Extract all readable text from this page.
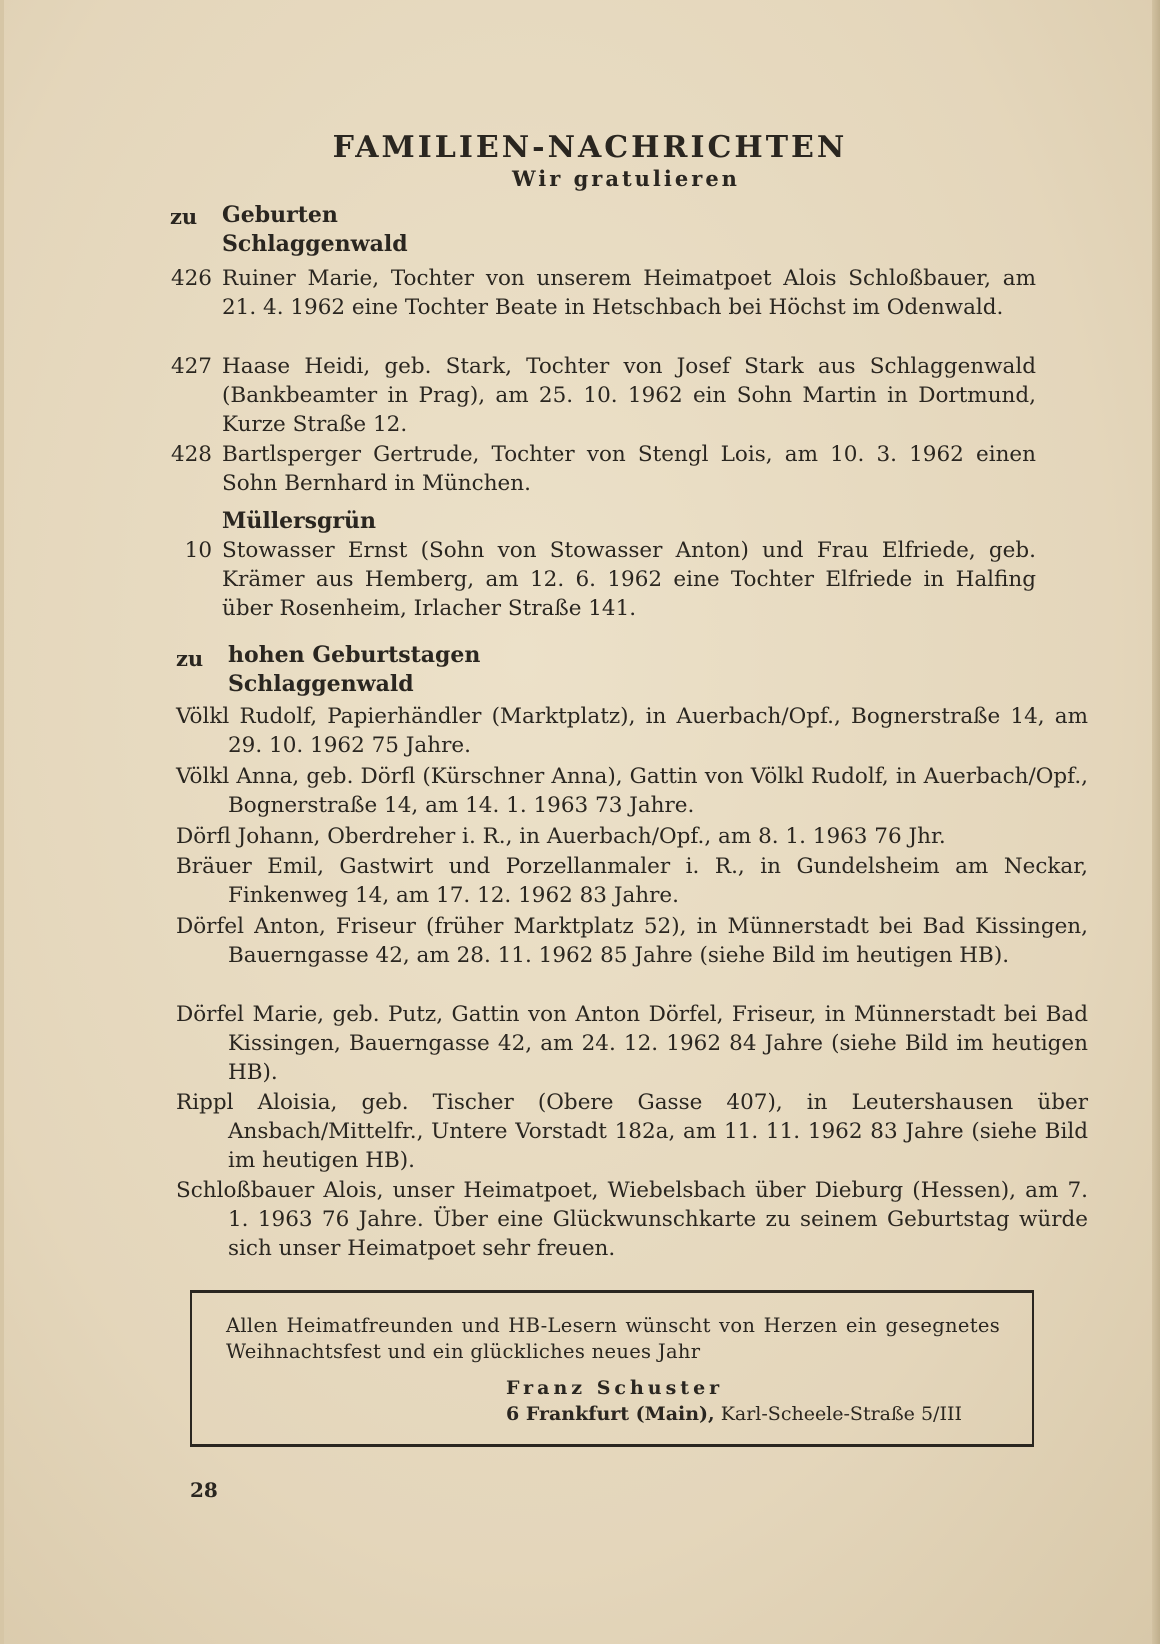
FAMILIEN-NACHRICHTEN
Wir gratulieren
zu Geburten
Schlaggenwald
426 Ruiner Marie, Tochter von unserem Heimatpoet Alois Schloßbauer, am 21. 4. 1962 eine Tochter Beate in Hetschbach bei Höchst im Odenwald.
427 Haase Heidi, geb. Stark, Tochter von Josef Stark aus Schlaggenwald (Bankbeamter in Prag), am 25. 10. 1962 ein Sohn Martin in Dortmund, Kurze Straße 12.
428 Bartlsperger Gertrude, Tochter von Stengl Lois, am 10. 3. 1962 einen Sohn Bernhard in München.
Müllersgrün
10 Stowasser Ernst (Sohn von Stowasser Anton) und Frau Elfriede, geb. Krämer aus Hemberg, am 12. 6. 1962 eine Tochter Elfriede in Halfing über Rosenheim, Irlacher Straße 141.
zu hohen Geburtstagen
Schlaggenwald
Völkl Rudolf, Papierhändler (Marktplatz), in Auerbach/Opf., Bognerstraße 14, am 29. 10. 1962 75 Jahre.
Völkl Anna, geb. Dörfl (Kürschner Anna), Gattin von Völkl Rudolf, in Auerbach/Opf., Bognerstraße 14, am 14. 1. 1963 73 Jahre.
Dörfl Johann, Oberdreher i. R., in Auerbach/Opf., am 8. 1. 1963 76 Jhr.
Bräuer Emil, Gastwirt und Porzellanmaler i. R., in Gundelsheim am Neckar, Finkenweg 14, am 17. 12. 1962 83 Jahre.
Dörfel Anton, Friseur (früher Marktplatz 52), in Münnerstadt bei Bad Kissingen, Bauerngasse 42, am 28. 11. 1962 85 Jahre (siehe Bild im heutigen HB).
Dörfel Marie, geb. Putz, Gattin von Anton Dörfel, Friseur, in Münnerstadt bei Bad Kissingen, Bauerngasse 42, am 24. 12. 1962 84 Jahre (siehe Bild im heutigen HB).
Rippl Aloisia, geb. Tischer (Obere Gasse 407), in Leutershausen über Ansbach/Mittelfr., Untere Vorstadt 182a, am 11. 11. 1962 83 Jahre (siehe Bild im heutigen HB).
Schloßbauer Alois, unser Heimatpoet, Wiebelsbach über Dieburg (Hessen), am 7. 1. 1963 76 Jahre. Über eine Glückwunschkarte zu seinem Geburtstag würde sich unser Heimatpoet sehr freuen.
Allen Heimatfreunden und HB-Lesern wünscht von Herzen ein gesegnetes Weihnachtsfest und ein glückliches neues Jahr
Franz Schuster
6 Frankfurt (Main), Karl-Scheele-Straße 5/III
28
